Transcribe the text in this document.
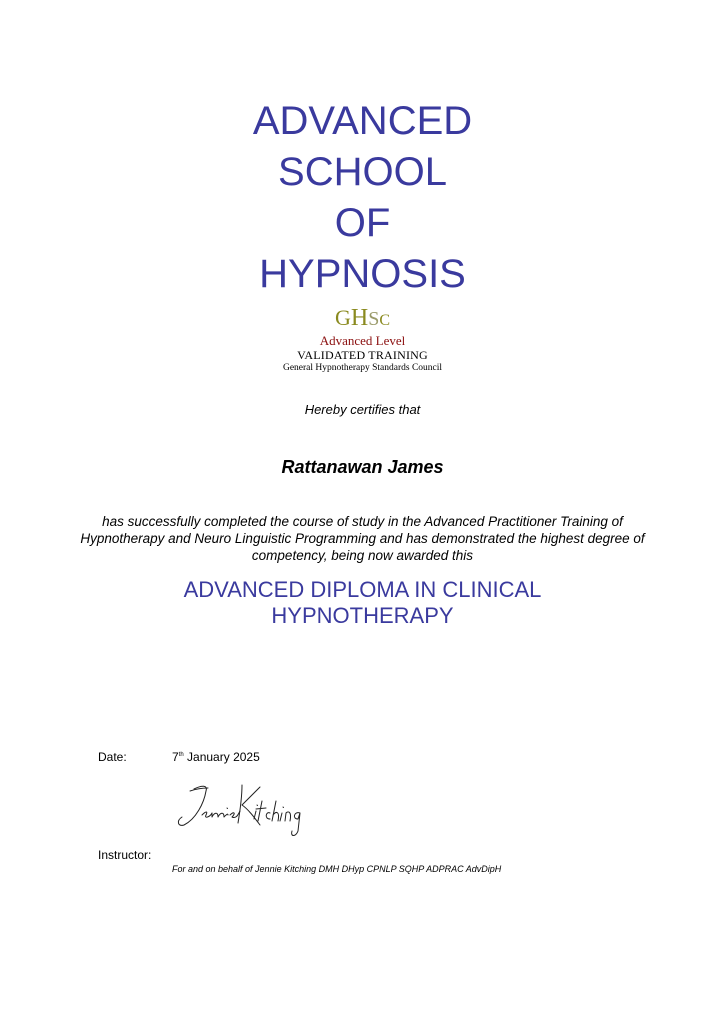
ADVANCED
SCHOOL
OF
HYPNOSIS
GHSC
Advanced Level
VALIDATED TRAINING
General Hypnotherapy Standards Council
Hereby certifies that
Rattanawan James
has successfully completed the course of study in the Advanced Practitioner Training of Hypnotherapy and Neuro Linguistic Programming and has demonstrated the highest degree of competency, being now awarded this
ADVANCED DIPLOMA IN CLINICAL
HYPNOTHERAPY
Date:	7th January 2025
Instructor:
For and on behalf of Jennie Kitching DMH DHyp CPNLP SQHP ADPRAC AdvDipH
